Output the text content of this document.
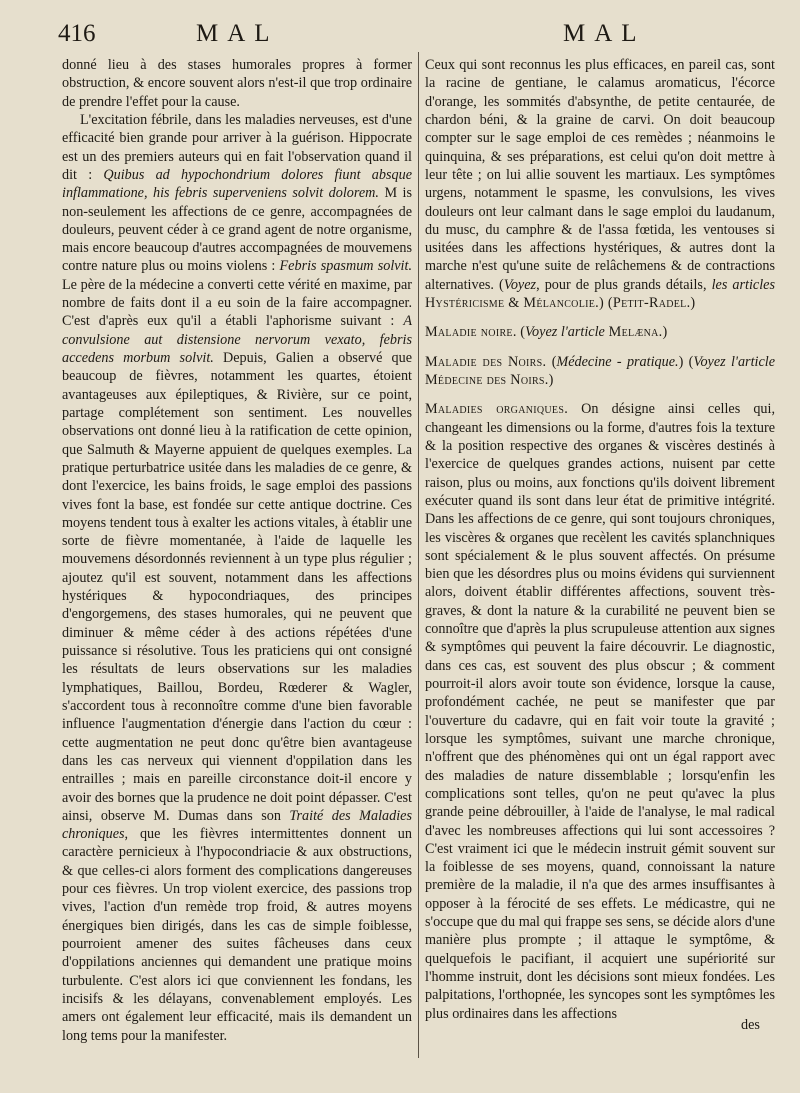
416	MAL	MAL

donné lieu à des stases humorales propres à former obstruction, & encore souvent alors n'est-il que trop ordinaire de prendre l'effet pour la cause.

L'excitation fébrile, dans les maladies nerveuses, est d'une efficacité bien grande pour arriver à la guérison. Hippocrate est un des premiers auteurs qui en fait l'observation quand il dit : Quibus ad hypochondrium dolores fiunt absque inflammatione, his febris superveniens solvit dolorem. M is non-seulement les affections de ce genre, accompagnées de douleurs, peuvent céder à ce grand agent de notre organisme, mais encore beaucoup d'autres accompagnées de mouvemens contre nature plus ou moins violens : Febris spasmum solvit. Le père de la médecine a converti cette vérité en maxime, par nombre de faits dont il a eu soin de la faire accompagner. C'est d'après eux qu'il a établi l'aphorisme suivant : A convulsione aut distensione nervorum vexato, febris accedens morbum solvit. Depuis, Galien a observé que beaucoup de fièvres, notamment les quartes, étoient avantageuses aux épileptiques, & Rivière, sur ce point, partage complétement son sentiment. Les nouvelles observations ont donné lieu à la ratification de cette opinion, que Salmuth & Mayerne appuient de quelques exemples. La pratique perturbatrice usitée dans les maladies de ce genre, & dont l'exercice, les bains froids, le sage emploi des passions vives font la base, est fondée sur cette antique doctrine. Ces moyens tendent tous à exalter les actions vitales, à établir une sorte de fièvre momentanée, à l'aide de laquelle les mouvemens désordonnés reviennent à un type plus régulier ; ajoutez qu'il est souvent, notamment dans les affections hystériques & hypocondriaques, des principes d'engorgemens, des stases humorales, qui ne peuvent que diminuer & même céder à des actions répétées d'une puissance si résolutive. Tous les praticiens qui ont consigné les résultats de leurs observations sur les maladies lymphatiques, Baillou, Bordeu, Rœderer & Wagler, s'accordent tous à reconnoître comme d'une bien favorable influence l'augmentation d'énergie dans l'action du cœur : cette augmentation ne peut donc qu'être bien avantageuse dans les cas nerveux qui viennent d'oppilation dans les entrailles ; mais en pareille circonstance doit-il encore y avoir des bornes que la prudence ne doit point dépasser. C'est ainsi, observe M. Dumas dans son Traité des Maladies chroniques, que les fièvres intermittentes donnent un caractère pernicieux à l'hypocondriacie & aux obstructions, & que celles-ci alors forment des complications dangereuses pour ces fièvres. Un trop violent exercice, des passions trop vives, l'action d'un remède trop froid, & autres moyens énergiques bien dirigés, dans les cas de simple foiblesse, pourroient amener des suites fâcheuses dans ceux d'oppilations anciennes qui demandent une pratique moins turbulente. C'est alors ici que conviennent les fondans, les incisifs & les délayans, convenablement employés. Les amers ont également leur efficacité, mais ils demandent un long tems pour la manifester.

Ceux qui sont reconnus les plus efficaces, en pareil cas, sont la racine de gentiane, le calamus aromaticus, l'écorce d'orange, les sommités d'absynthe, de petite centaurée, de chardon béni, & la graine de carvi. On doit beaucoup compter sur le sage emploi de ces remèdes ; néanmoins le quinquina, & ses préparations, est celui qu'on doit mettre à leur tête ; on lui allie souvent les martiaux. Les symptômes urgens, notamment le spasme, les convulsions, les vives douleurs ont leur calmant dans le sage emploi du laudanum, du musc, du camphre & de l'assa fœtida, les ventouses si usitées dans les affections hystériques, & autres dont la marche n'est qu'une suite de relâchemens & de contractions alternatives. (Voyez, pour de plus grands détails, les articles Hystéricisme & Mélancolie.) (Petit-Radel.)

Maladie noire. (Voyez l'article Melæna.)

Maladie des Noirs. (Médecine - pratique.) (Voyez l'article Médecine des Noirs.)

Maladies organiques. On désigne ainsi celles qui, changeant les dimensions ou la forme, d'autres fois la texture & la position respective des organes & viscères destinés à l'exercice de quelques grandes actions, nuisent par cette raison, plus ou moins, aux fonctions qu'ils doivent librement exécuter quand ils sont dans leur état de primitive intégrité. Dans les affections de ce genre, qui sont toujours chroniques, les viscères & organes que recèlent les cavités splanchniques sont spécialement & le plus souvent affectés. On présume bien que les désordres plus ou moins évidens qui surviennent alors, doivent établir différentes affections, souvent très-graves, & dont la nature & la curabilité ne peuvent bien se connoître que d'après la plus scrupuleuse attention aux signes & symptômes qui peuvent la faire découvrir. Le diagnostic, dans ces cas, est souvent des plus obscur ; & comment pourroit-il alors avoir toute son évidence, lorsque la cause, profondément cachée, ne peut se manifester que par l'ouverture du cadavre, qui en fait voir toute la gravité ; lorsque les symptômes, suivant une marche chronique, n'offrent que des phénomènes qui ont un égal rapport avec des maladies de nature dissemblable ; lorsqu'enfin les complications sont telles, qu'on ne peut qu'avec la plus grande peine débrouiller, à l'aide de l'analyse, le mal radical d'avec les nombreuses affections qui lui sont accessoires ? C'est vraiment ici que le médecin instruit gémit souvent sur la foiblesse de ses moyens, quand, connoissant la nature première de la maladie, il n'a que des armes insuffisantes à opposer à la férocité de ses effets. Le médicastre, qui ne s'occupe que du mal qui frappe ses sens, se décide alors d'une manière plus prompte ; il attaque le symptôme, & quelquefois le pacifiant, il acquiert une supériorité sur l'homme instruit, dont les décisions sont mieux fondées. Les palpitations, l'orthopnée, les syncopes sont les symptômes les plus ordinaires dans les affections

des
